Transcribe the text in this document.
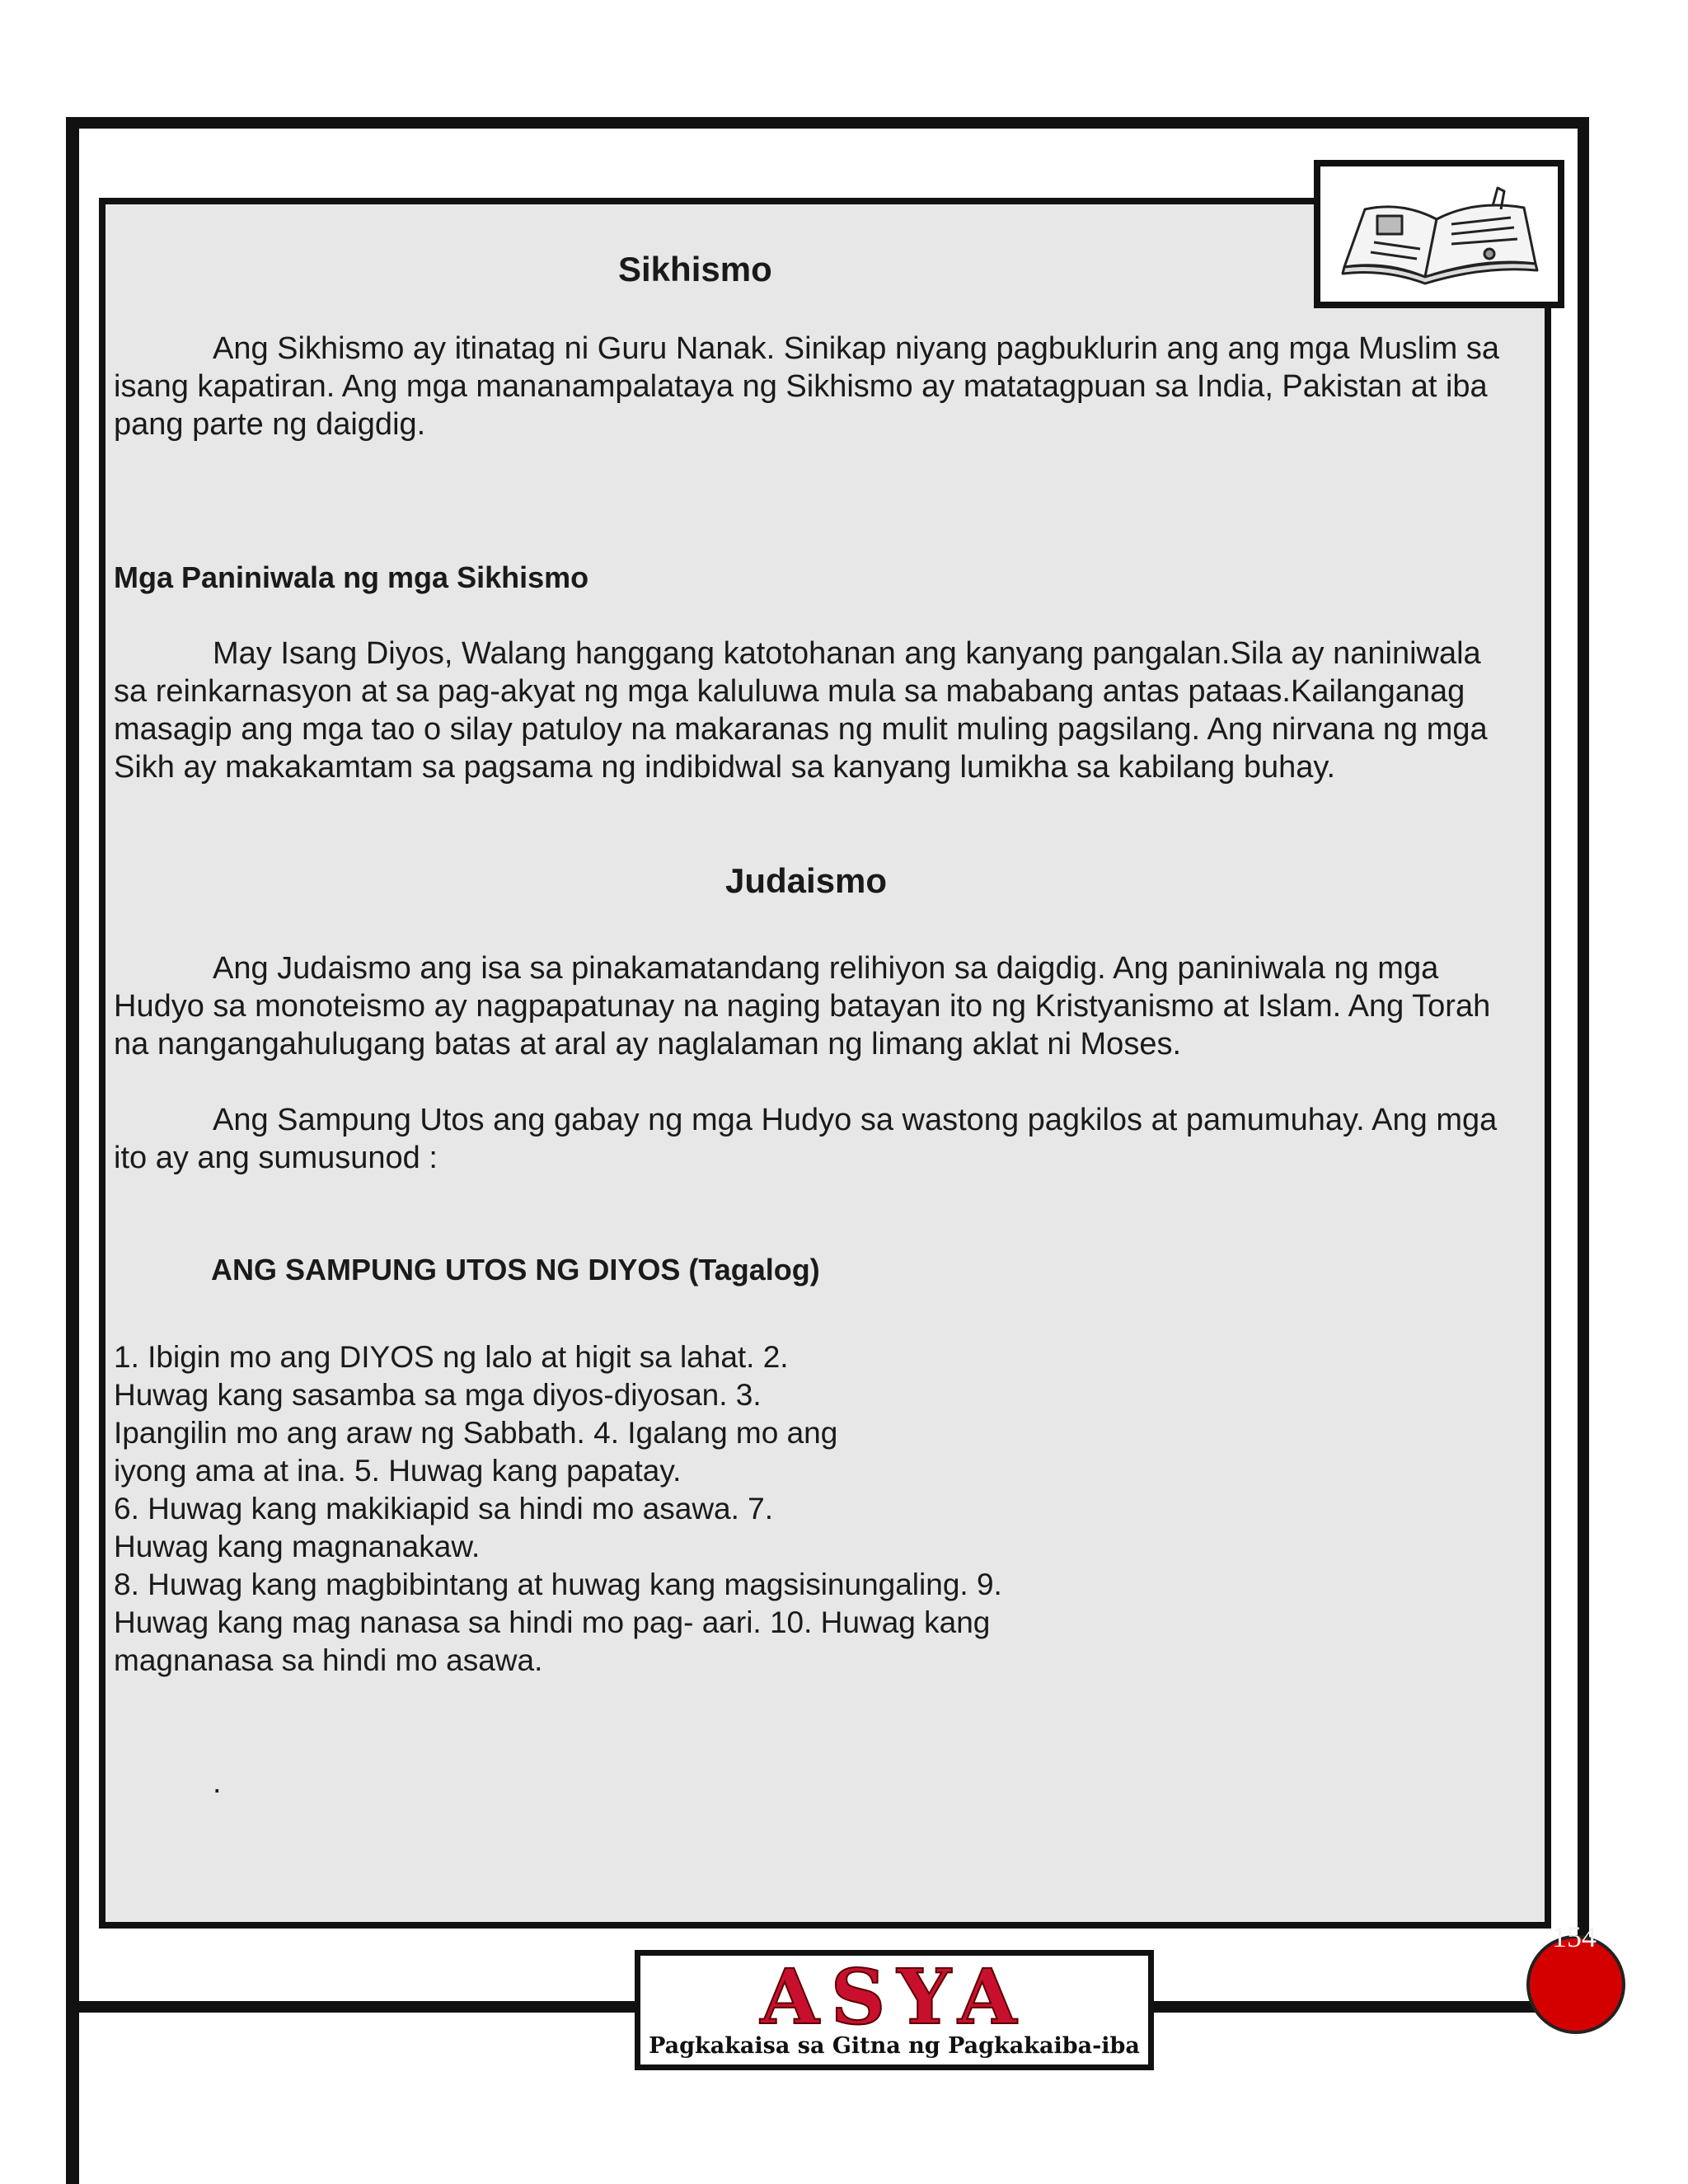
Sikhismo

Ang Sikhismo ay itinatag ni Guru Nanak. Sinikap niyang pagbuklurin ang ang mga Muslim sa isang kapatiran. Ang mga mananampalataya ng Sikhismo ay matatagpuan sa India, Pakistan at iba pang parte ng daigdig.

Mga Paniniwala ng mga Sikhismo

May Isang Diyos, Walang hanggang katotohanan ang kanyang pangalan.Sila ay naniniwala sa reinkarnasyon at sa pag-akyat ng mga kaluluwa mula sa mababang antas pataas.Kailanganag masagip ang mga tao o silay patuloy na makaranas ng mulit muling pagsilang. Ang nirvana ng mga Sikh ay makakamtam sa pagsama ng indibidwal sa kanyang lumikha sa kabilang buhay.

Judaismo

Ang Judaismo ang isa sa pinakamatandang relihiyon sa daigdig. Ang paniniwala ng mga Hudyo sa monoteismo ay nagpapatunay na naging batayan ito ng Kristyanismo at Islam. Ang Torah na nangangahulugang batas at aral ay naglalaman ng limang aklat ni Moses.

Ang Sampung Utos ang gabay ng mga Hudyo sa wastong pagkilos at pamumuhay. Ang mga ito ay ang sumusunod :

ANG SAMPUNG UTOS NG DIYOS (Tagalog)
1. Ibigin mo ang DIYOS ng lalo at higit sa lahat. 2.
Huwag kang sasamba sa mga diyos-diyosan. 3.
Ipangilin mo ang araw ng Sabbath. 4. Igalang mo ang
iyong ama at ina. 5. Huwag kang papatay.
6. Huwag kang makikiapid sa hindi mo asawa. 7.
Huwag kang magnanakaw.
8. Huwag kang magbibintang at huwag kang magsisinungaling. 9.
Huwag kang mag nanasa sa hindi mo pag- aari. 10. Huwag kang
magnanasa sa hindi mo asawa.
.
ASYA
Pagkakaisa sa Gitna ng Pagkakaiba-iba
154
